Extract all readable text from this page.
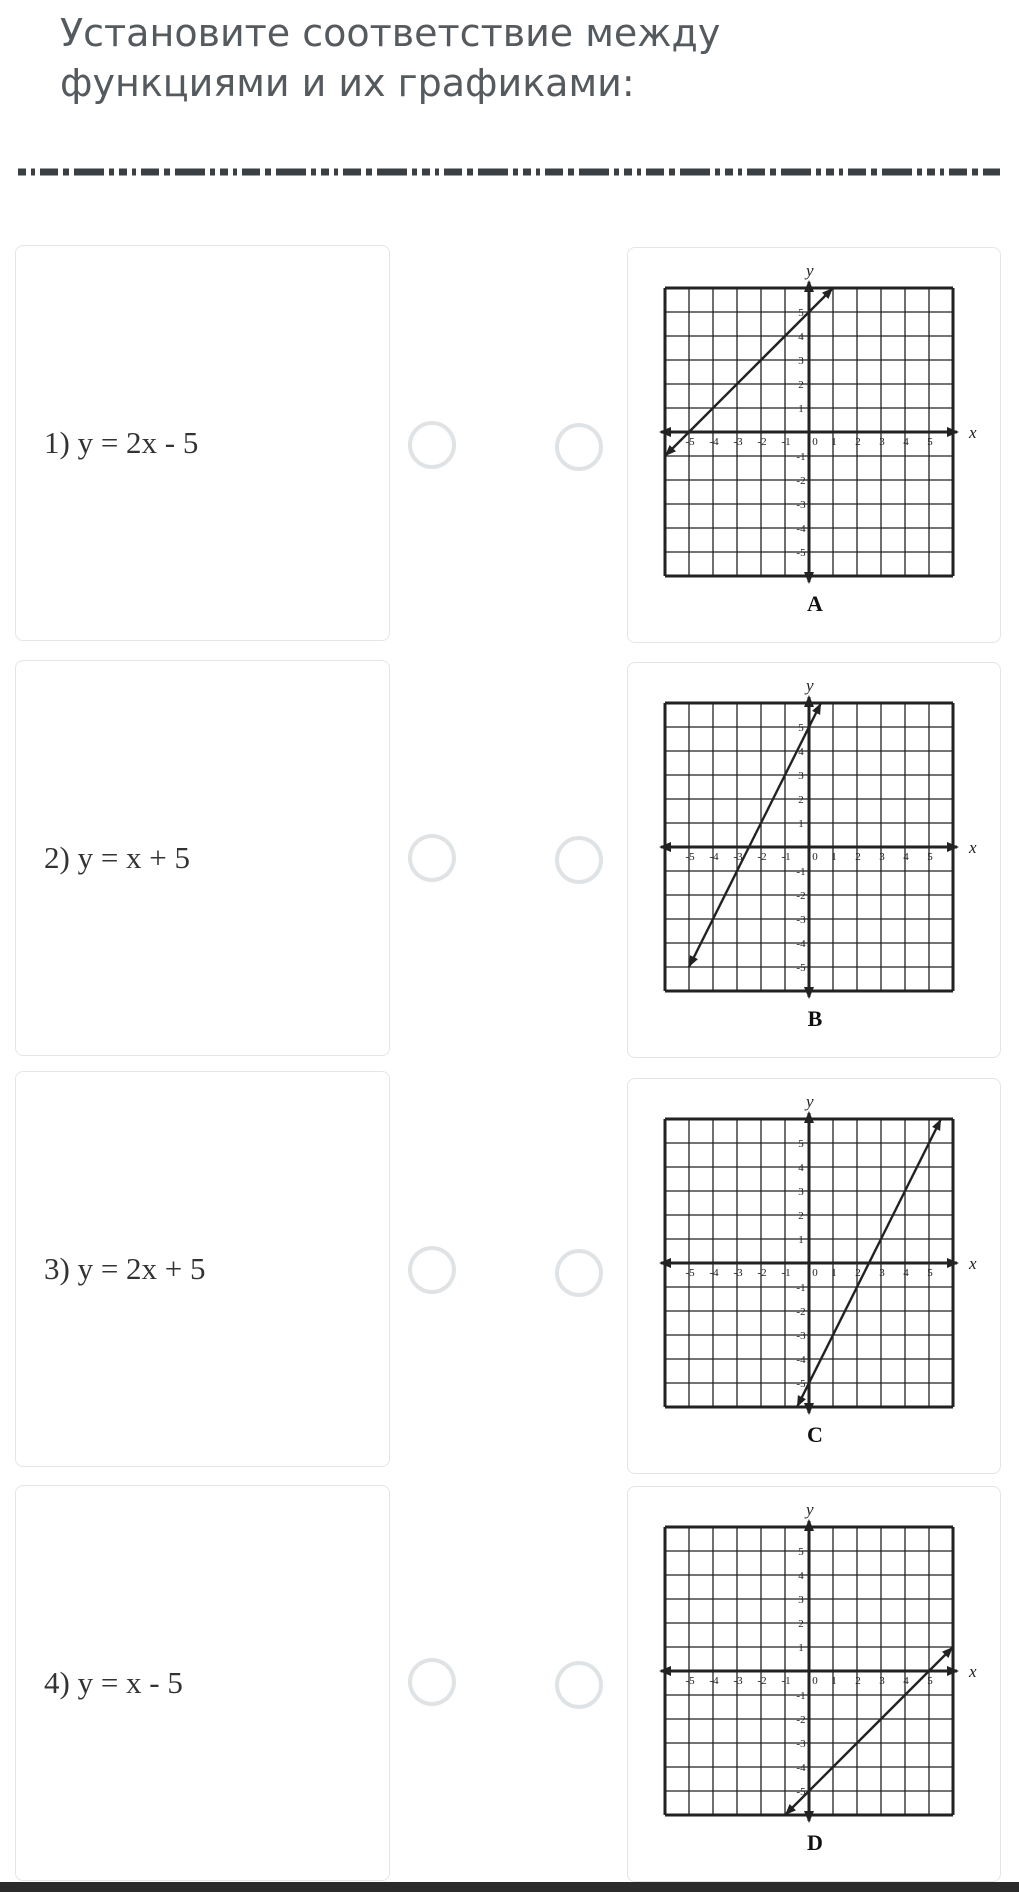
Установите соответствие между функциями и их графиками:
1) y = 2x - 5
2) y = x + 5
3) y = 2x + 5
4) y = x - 5
x
y
-5 -4 -3 -2 -1	1 2 3 4 5
5
4
3
2
1
-1
-2
-3
-4
-5
0
A
x
y
-5 -4 -3 -2 -1	1 2 3 4 5
5
4
3
2
1
-1
-2
-3
-4
-5
0
B
x
y
-5 -4 -3 -2 -1	1 2 3 4 5
5
4
3
2
1
-1
-2
-3
-4
-5
0
C
x
y
-5 -4 -3 -2 -1	1 2 3 4 5
5
4
3
2
1
-1
-2
-3
-4
-5
0
D
